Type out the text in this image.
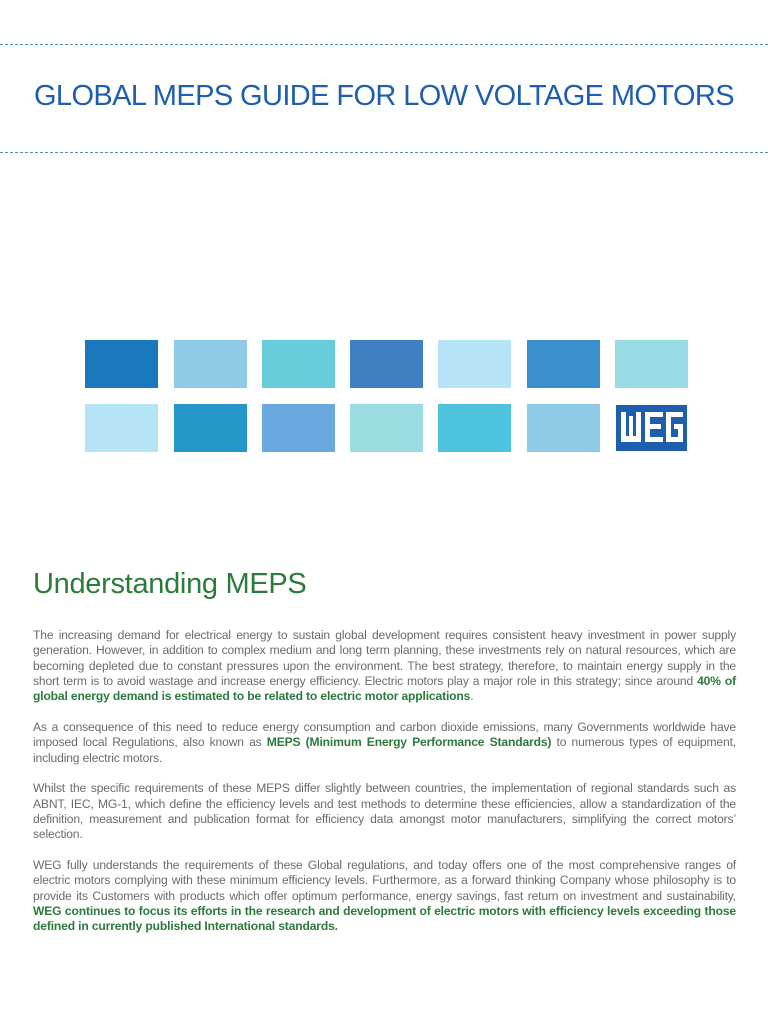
GLOBAL MEPS GUIDE FOR LOW VOLTAGE MOTORS
Understanding MEPS

The increasing demand for electrical energy to sustain global development requires consistent heavy investment in power supply generation. However, in addition to complex medium and long term planning, these investments rely on natural resources, which are becoming depleted due to constant pressures upon the environment. The best strategy, therefore, to maintain energy supply in the short term is to avoid wastage and increase energy efficiency. Electric motors play a major role in this strategy; since around 40% of global energy demand is estimated to be related to electric motor applications.

As a consequence of this need to reduce energy consumption and carbon dioxide emissions, many Governments worldwide have imposed local Regulations, also known as MEPS (Minimum Energy Performance Standards) to numerous types of equipment, including electric motors.

Whilst the specific requirements of these MEPS differ slightly between countries, the implementation of regional standards such as ABNT, IEC, MG-1, which define the efficiency levels and test methods to determine these efficiencies, allow a standardization of the definition, measurement and publication format for efficiency data amongst motor manufacturers, simplifying the correct motors’ selection.

WEG fully understands the requirements of these Global regulations, and today offers one of the most comprehensive ranges of electric motors complying with these minimum efficiency levels. Furthermore, as a forward thinking Company whose philosophy is to provide its Customers with products which offer optimum performance, energy savings, fast return on investment and sustainability, WEG continues to focus its efforts in the research and development of electric motors with efficiency levels exceeding those defined in currently published International standards.
